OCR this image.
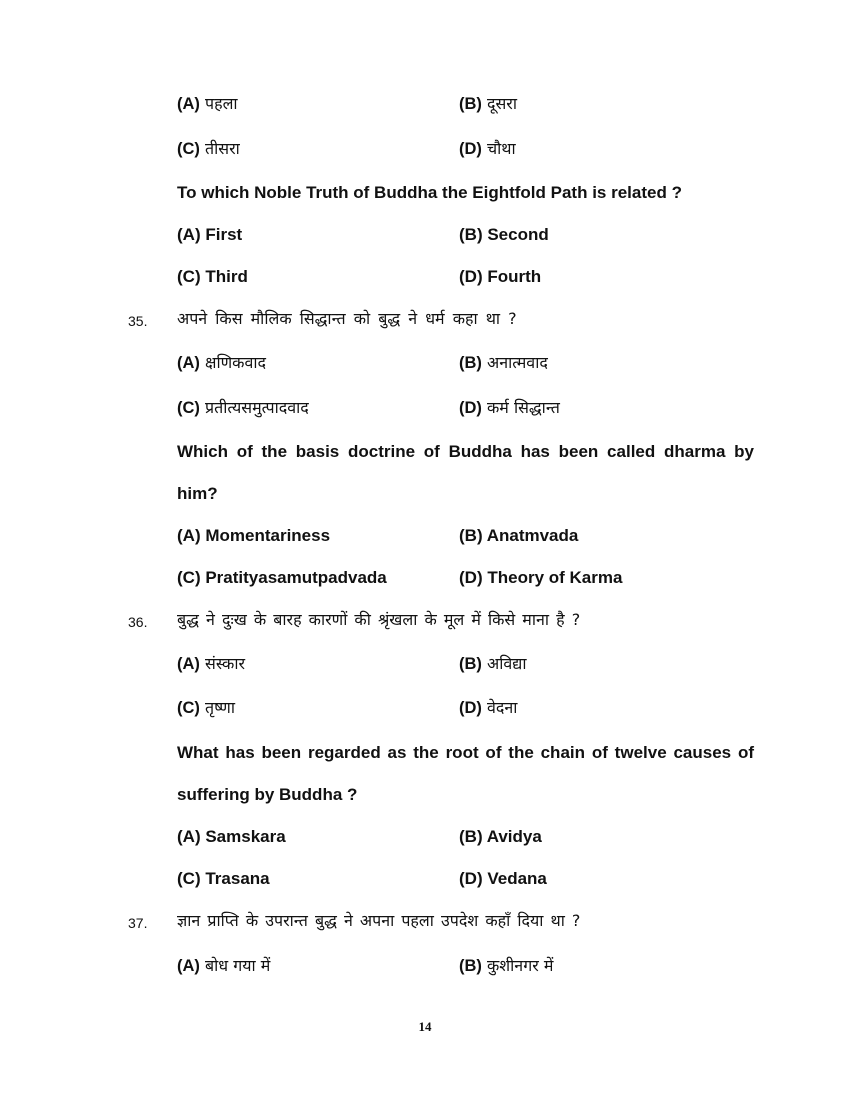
(A) पहला	(B) दूसरा
(C) तीसरा	(D) चौथा
To which Noble Truth of Buddha the Eightfold Path is related ?
(A) First	(B) Second
(C) Third	(D) Fourth
35. अपने किस मौलिक सिद्धान्त को बुद्ध ने धर्म कहा था ?
(A) क्षणिकवाद	(B) अनात्मवाद
(C) प्रतीत्यसमुत्पादवाद	(D) कर्म सिद्धान्त
Which of the basis doctrine of Buddha has been called dharma by
him?
(A) Momentariness	(B) Anatmvada
(C) Pratityasamutpadvada	(D) Theory of Karma
36. बुद्ध ने दुःख के बारह कारणों की श्रृंखला के मूल में किसे माना है ?
(A) संस्कार	(B) अविद्या
(C) तृष्णा	(D) वेदना
What has been regarded as the root of the chain of twelve causes of
suffering by Buddha ?
(A) Samskara	(B) Avidya
(C) Trasana	(D) Vedana
37. ज्ञान प्राप्ति के उपरान्त बुद्ध ने अपना पहला उपदेश कहाँ दिया था ?
(A) बोध गया में	(B) कुशीनगर में
14
